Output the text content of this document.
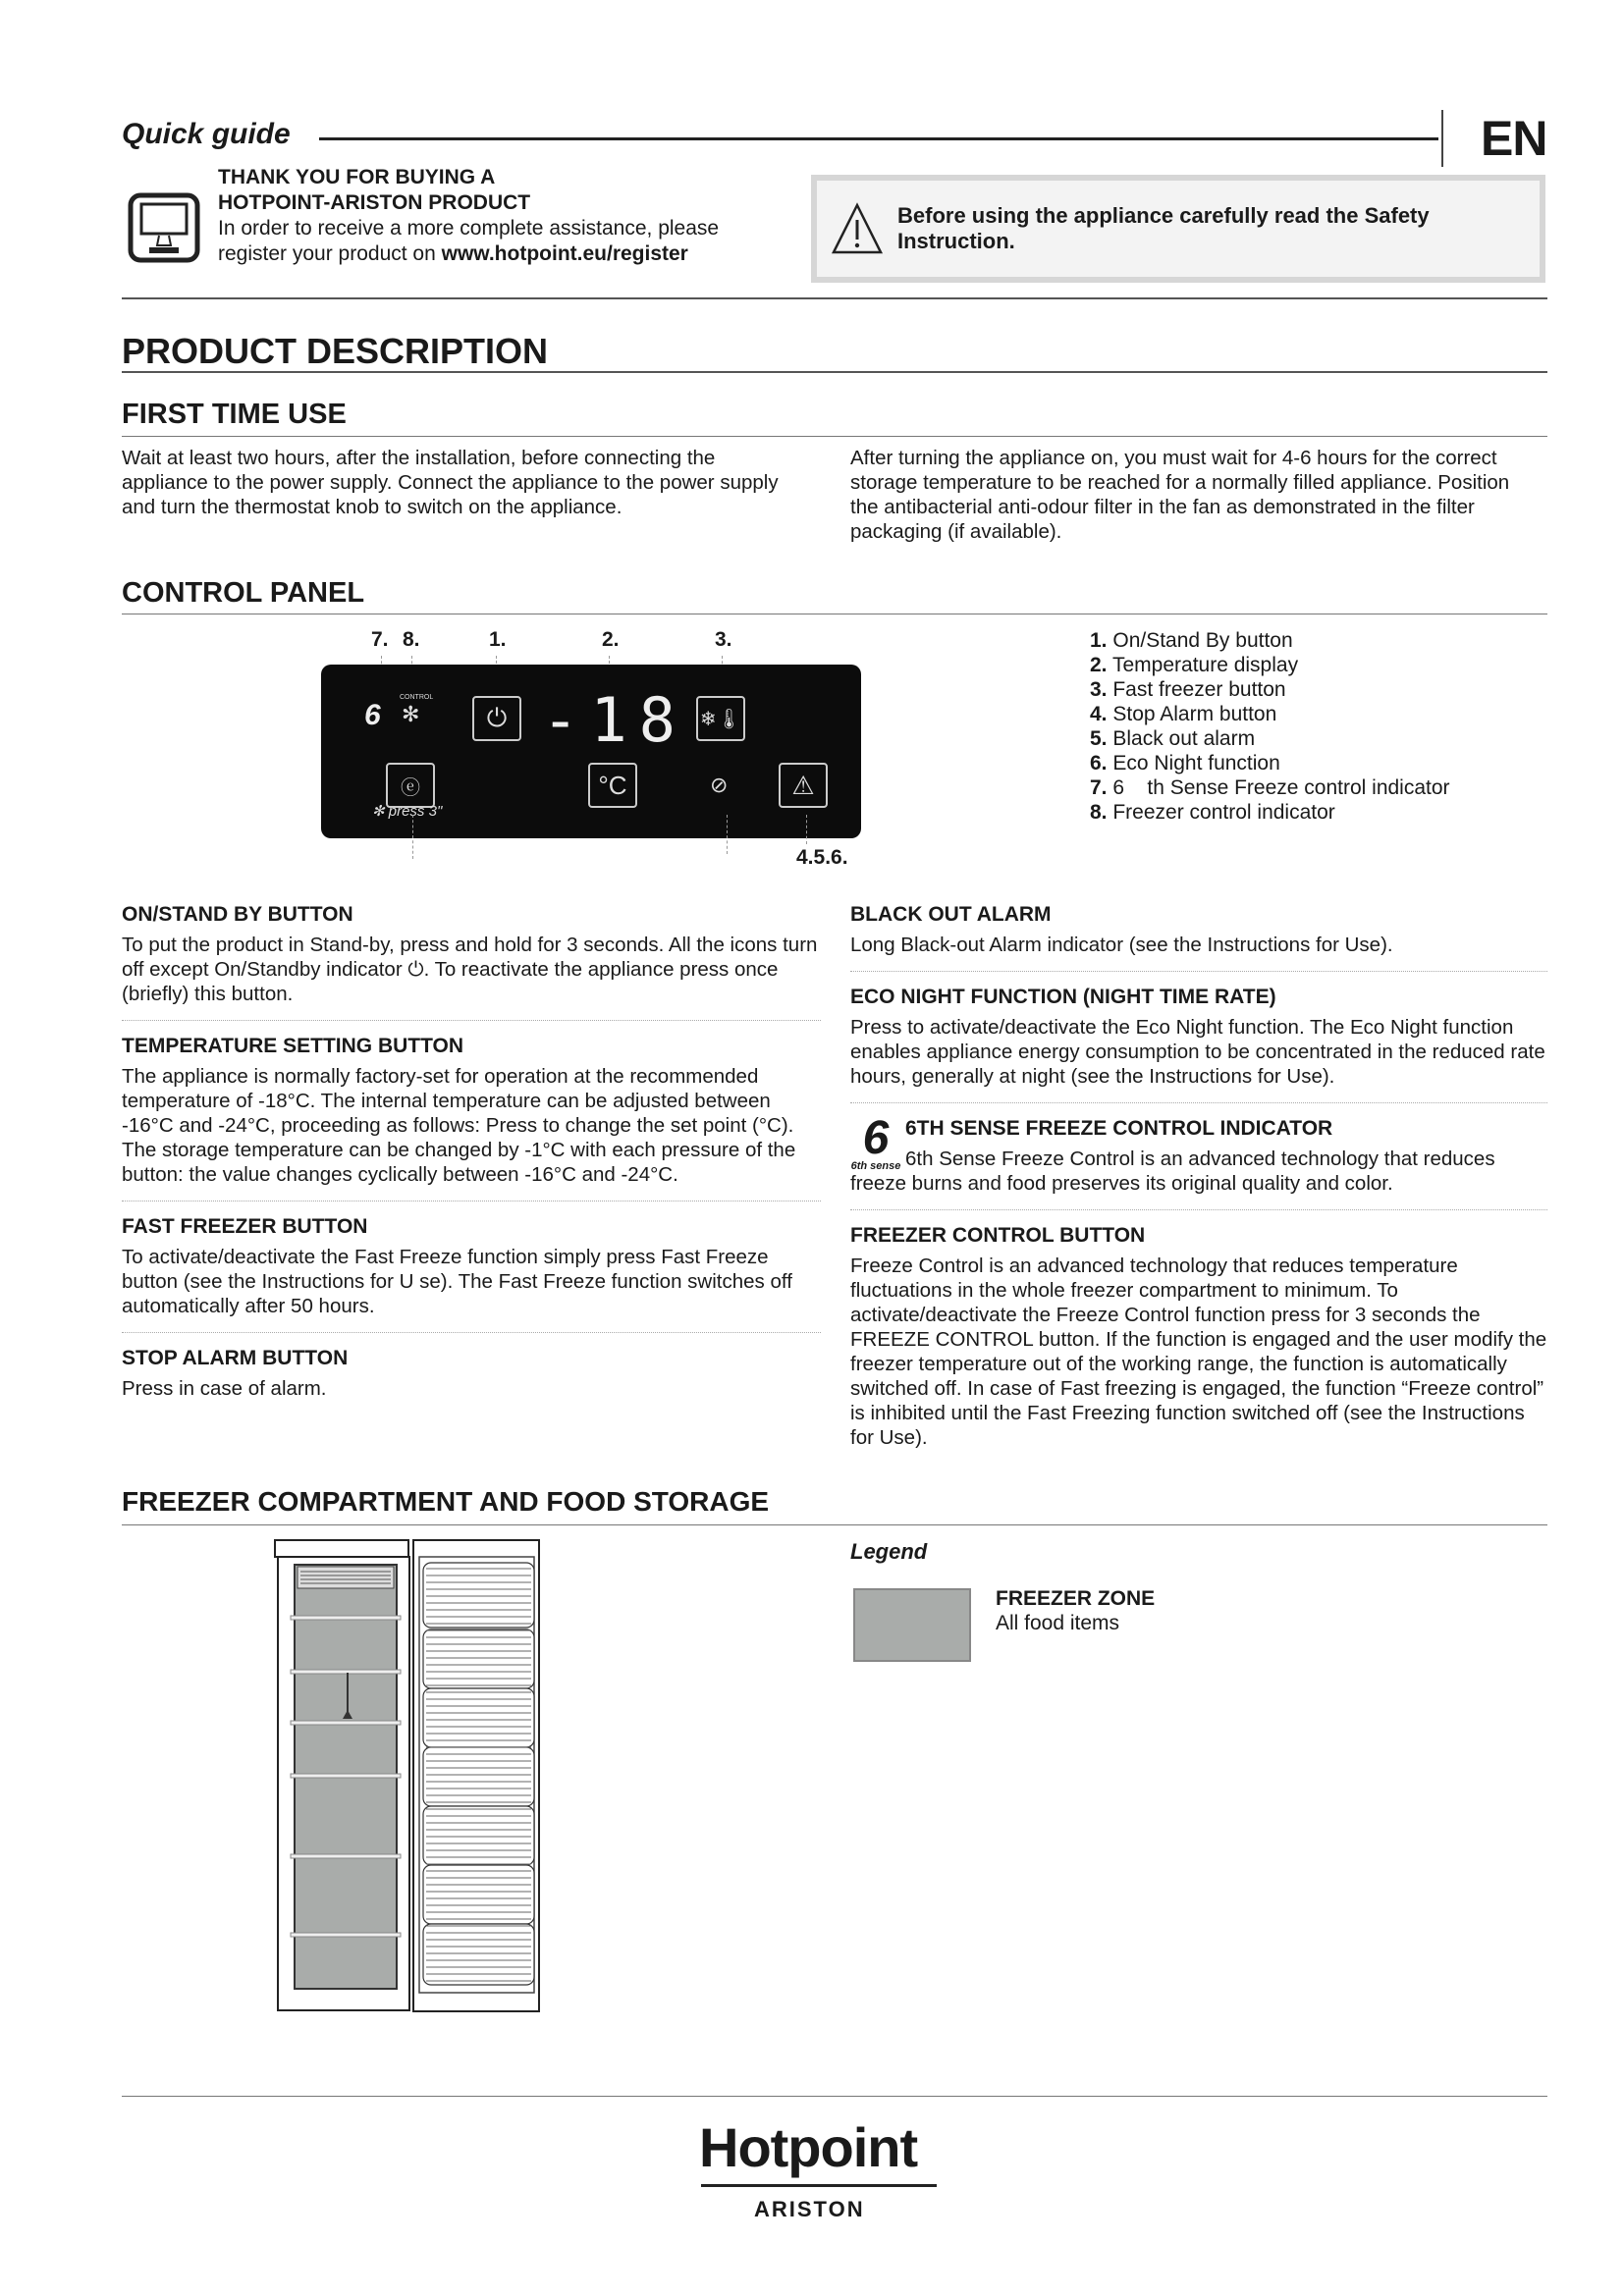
Quick guide	EN
THANK YOU FOR BUYING A
HOTPOINT-ARISTON PRODUCT
In order to receive a more complete assistance, please register your product on www.hotpoint.eu/register
Before using the appliance carefully read the Safety Instruction.
PRODUCT DESCRIPTION
FIRST TIME USE
Wait at least two hours, after the installation, before connecting the appliance to the power supply. Connect the appliance to the power supply and turn the thermostat knob to switch on the appliance.
After turning the appliance on, you must wait for 4-6 hours for the correct storage temperature to be reached for a normally filled appliance. Position the antibacterial anti-odour filter in the fan as demonstrated in the filter packaging (if available).
CONTROL PANEL
7. 8.	1.	2.	3.
4.5.6.
6
CONTROL
✻	⏻ -18 ❄🌡
ⓔ
✻ press 3"
°C	⊘ ⚠
1. On/Stand By button
2. Temperature display
3. Fast freezer button
4. Stop Alarm button
5. Black out alarm
6. Eco Night function
7. 6    th Sense Freeze control indicator
8. Freezer control indicator
ON/STAND BY BUTTON
To put the product in Stand-by, press and hold for 3 seconds. All the icons turn off except On/Standby indicator ⏻. To reactivate the appliance press once (briefly) this button.
TEMPERATURE SETTING BUTTON
The appliance is normally factory-set for operation at the recommended temperature of -18°C. The internal temperature can be adjusted between -16°C and -24°C, proceeding as follows: Press to change the set point (°C). The storage temperature can be changed by -1°C with each pressure of the button: the value changes cyclically between -16°C and -24°C.
FAST FREEZER BUTTON
To activate/deactivate the Fast Freeze function simply press Fast Freeze button (see the Instructions for U se). The Fast Freeze function switches off automatically after 50 hours.
STOP ALARM BUTTON
Press in case of alarm.
BLACK OUT ALARM
Long Black-out Alarm indicator (see the Instructions for Use).
ECO NIGHT FUNCTION (NIGHT TIME RATE)
Press to activate/deactivate the Eco Night function. The Eco Night function enables appliance energy consumption to be concentrated in the reduced rate hours, generally at night (see the Instructions for Use).
6
6th sense
6TH SENSE FREEZE CONTROL INDICATOR
6th Sense Freeze Control is an advanced technology that reduces freeze burns and food preserves its original quality and color.
FREEZER CONTROL BUTTON
Freeze Control is an advanced technology that reduces temperature fluctuations in the whole freezer compartment to minimum. To activate/deactivate the Freeze Control function press for 3 seconds the FREEZE CONTROL button. If the function is engaged and the user modify the freezer temperature out of the working range, the function is automatically switched off. In case of Fast freezing is engaged, the function “Freeze control” is inhibited until the Fast Freezing function switched off (see the Instructions for Use).
FREEZER COMPARTMENT AND FOOD STORAGE
Legend
FREEZER ZONE
All food items
Hotpoint
ARISTON
